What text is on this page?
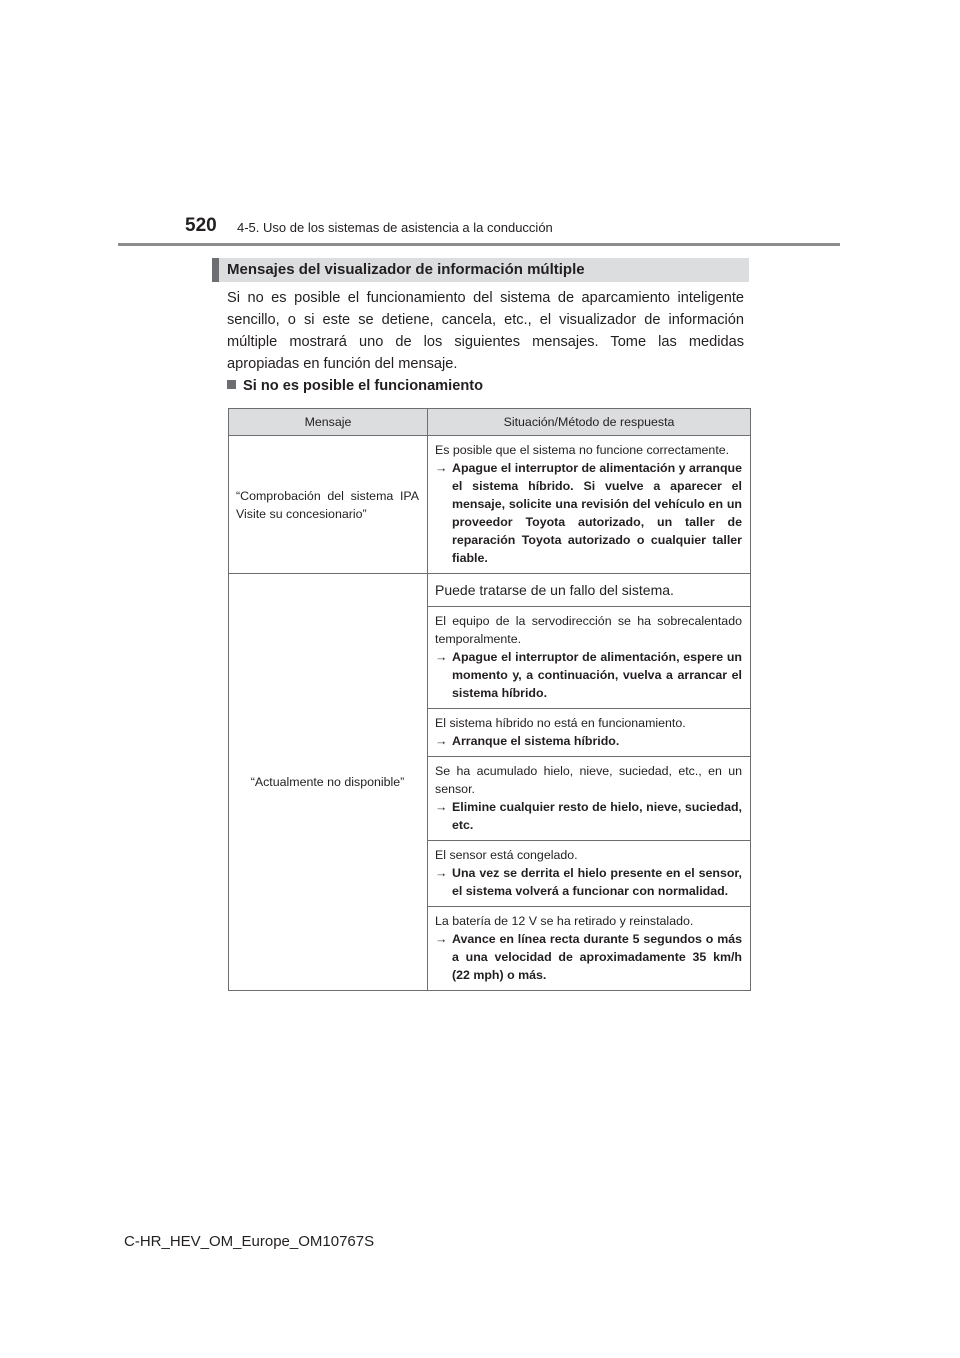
520 4-5. Uso de los sistemas de asistencia a la conducción
Mensajes del visualizador de información múltiple

Si no es posible el funcionamiento del sistema de aparcamiento inteligente sencillo, o si este se detiene, cancela, etc., el visualizador de información múltiple mostrará uno de los siguientes mensajes. Tome las medidas apropiadas en función del mensaje.

Si no es posible el funcionamiento
Mensaje	Situación/Método de respuesta
“Comprobación del sistema IPA Visite su concesionario”	Es posible que el sistema no funcione correctamente.
→ Apague el interruptor de alimentación y arranque el sistema híbrido. Si vuelve a aparecer el mensaje, solicite una revisión del vehículo en un proveedor Toyota autorizado, un taller de reparación Toyota autorizado o cualquier taller fiable.

“Actualmente no disponible”	Puede tratarse de un fallo del sistema.

	El equipo de la servodirección se ha sobrecalentado temporalmente.
→ Apague el interruptor de alimentación, espere un momento y, a continuación, vuelva a arrancar el sistema híbrido.

	El sistema híbrido no está en funcionamiento.
→ Arranque el sistema híbrido.

	Se ha acumulado hielo, nieve, suciedad, etc., en un sensor.
→ Elimine cualquier resto de hielo, nieve, suciedad, etc.

	El sensor está congelado.
→ Una vez se derrita el hielo presente en el sensor, el sistema volverá a funcionar con normalidad.

	La batería de 12 V se ha retirado y reinstalado.
→ Avance en línea recta durante 5 segundos o más a una velocidad de aproximadamente 35 km/h (22 mph) o más.
C-HR_HEV_OM_Europe_OM10767S
